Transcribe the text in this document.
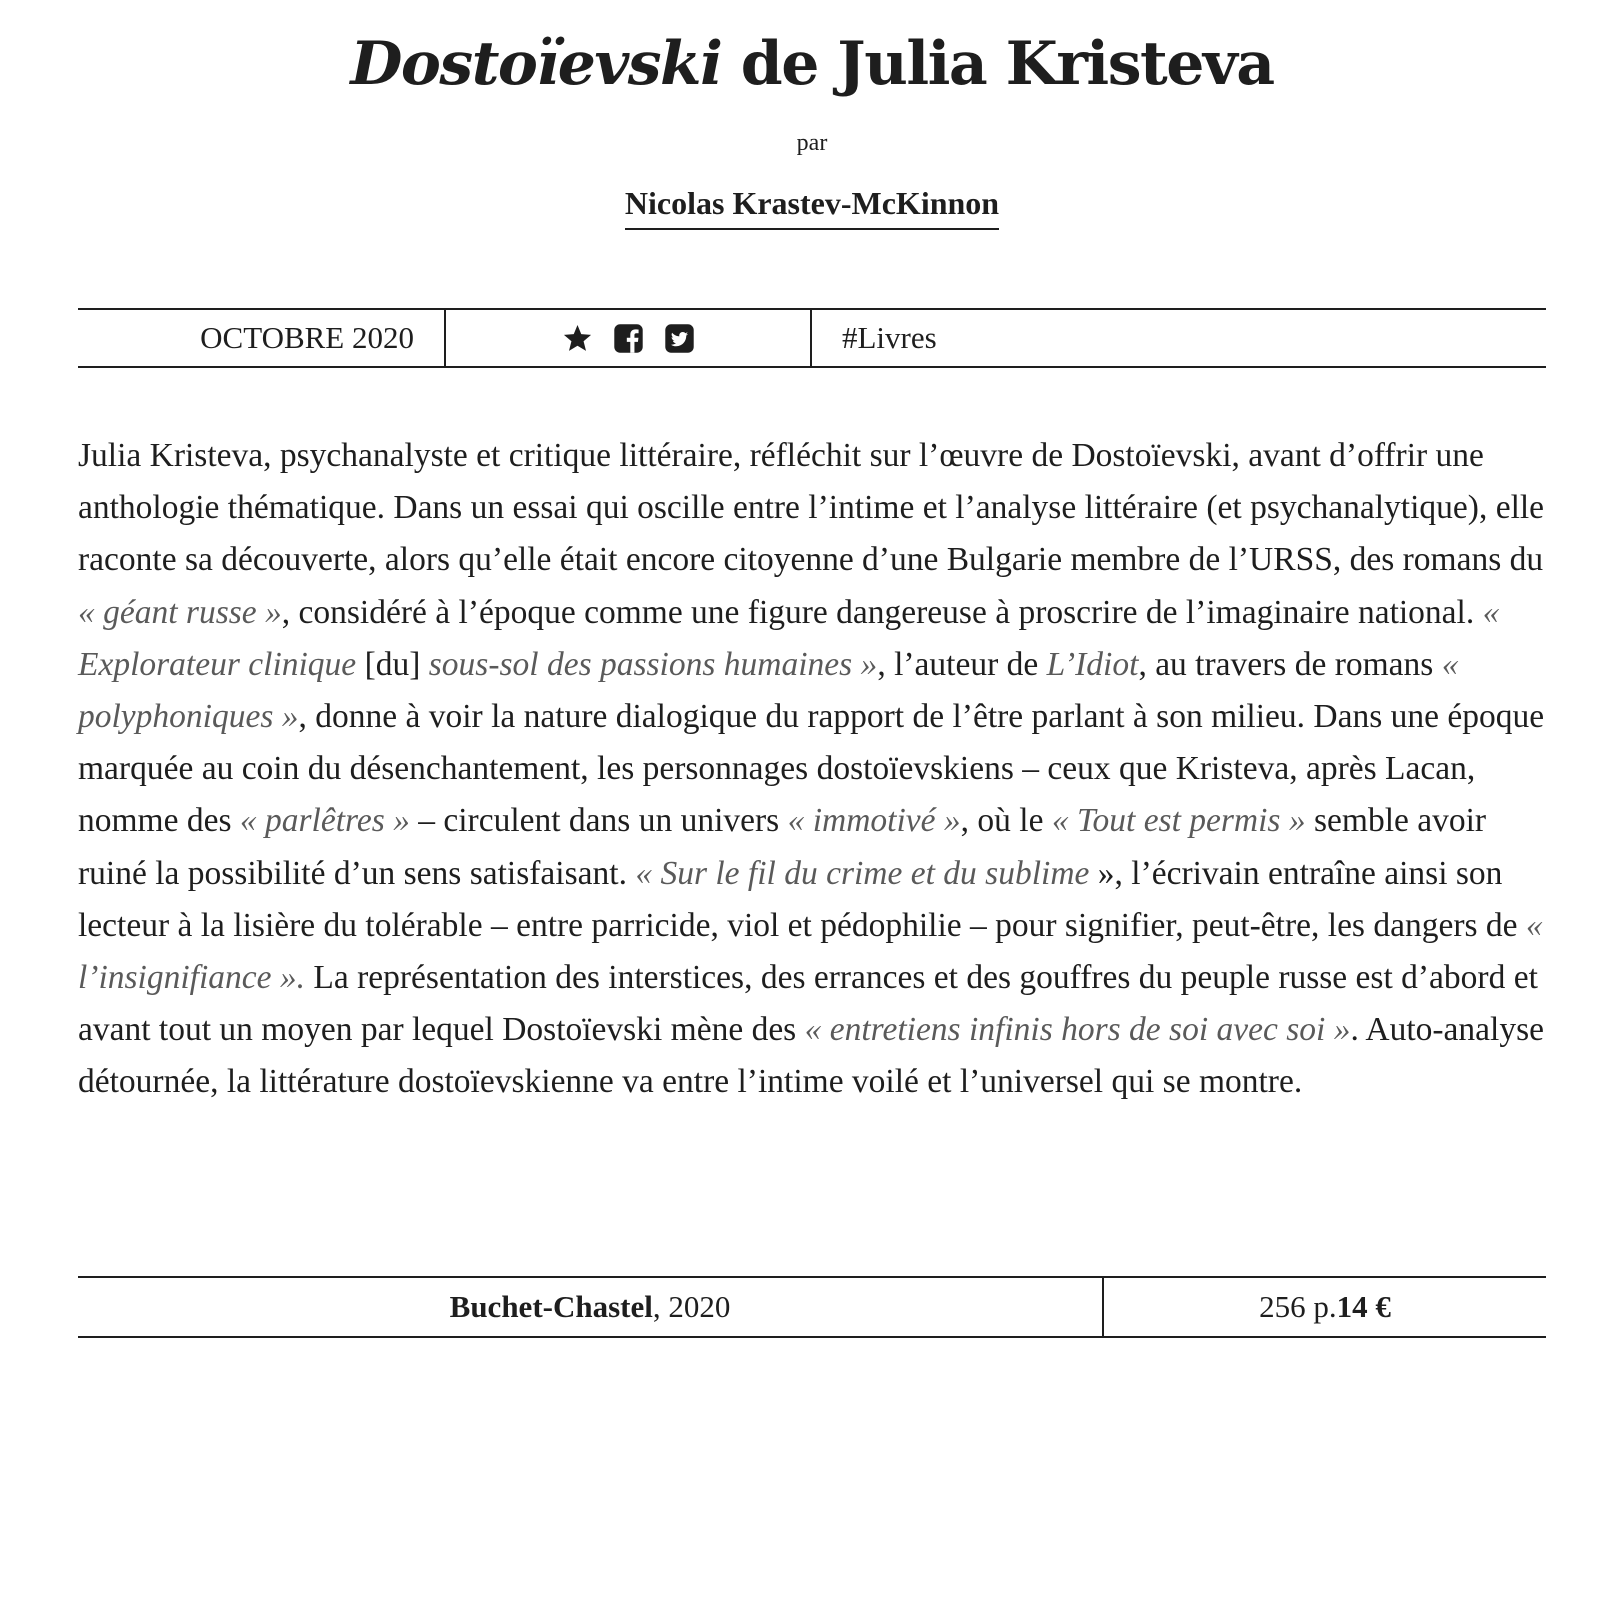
Dostoïevski de Julia Kristeva
par
Nicolas Krastev-McKinnon
OCTOBRE 2020	#Livres

Julia Kristeva, psychanalyste et critique littéraire, réfléchit sur l’œuvre de Dostoïevski, avant d’offrir une anthologie thématique. Dans un essai qui oscille entre l’intime et l’analyse littéraire (et psychanalytique), elle raconte sa découverte, alors qu’elle était encore citoyenne d’une Bulgarie membre de l’URSS, des romans du « géant russe », considéré à l’époque comme une figure dangereuse à proscrire de l’imaginaire national. « Explorateur clinique [du] sous-sol des passions humaines », l’auteur de L’Idiot, au travers de romans « polyphoniques », donne à voir la nature dialogique du rapport de l’être parlant à son milieu. Dans une époque marquée au coin du désenchantement, les personnages dostoïevskiens – ceux que Kristeva, après Lacan, nomme des « parlêtres » – circulent dans un univers « immotivé », où le « Tout est permis » semble avoir ruiné la possibilité d’un sens satisfaisant. « Sur le fil du crime et du sublime », l’écrivain entraîne ainsi son lecteur à la lisière du tolérable – entre parricide, viol et pédophilie – pour signifier, peut-être, les dangers de « l’insignifiance ». La représentation des interstices, des errances et des gouffres du peuple russe est d’abord et avant tout un moyen par lequel Dostoïevski mène des « entretiens infinis hors de soi avec soi ». Auto-analyse détournée, la littérature dostoïevskienne va entre l’intime voilé et l’universel qui se montre.

Buchet-Chastel , 2020	256 p. 14 €
